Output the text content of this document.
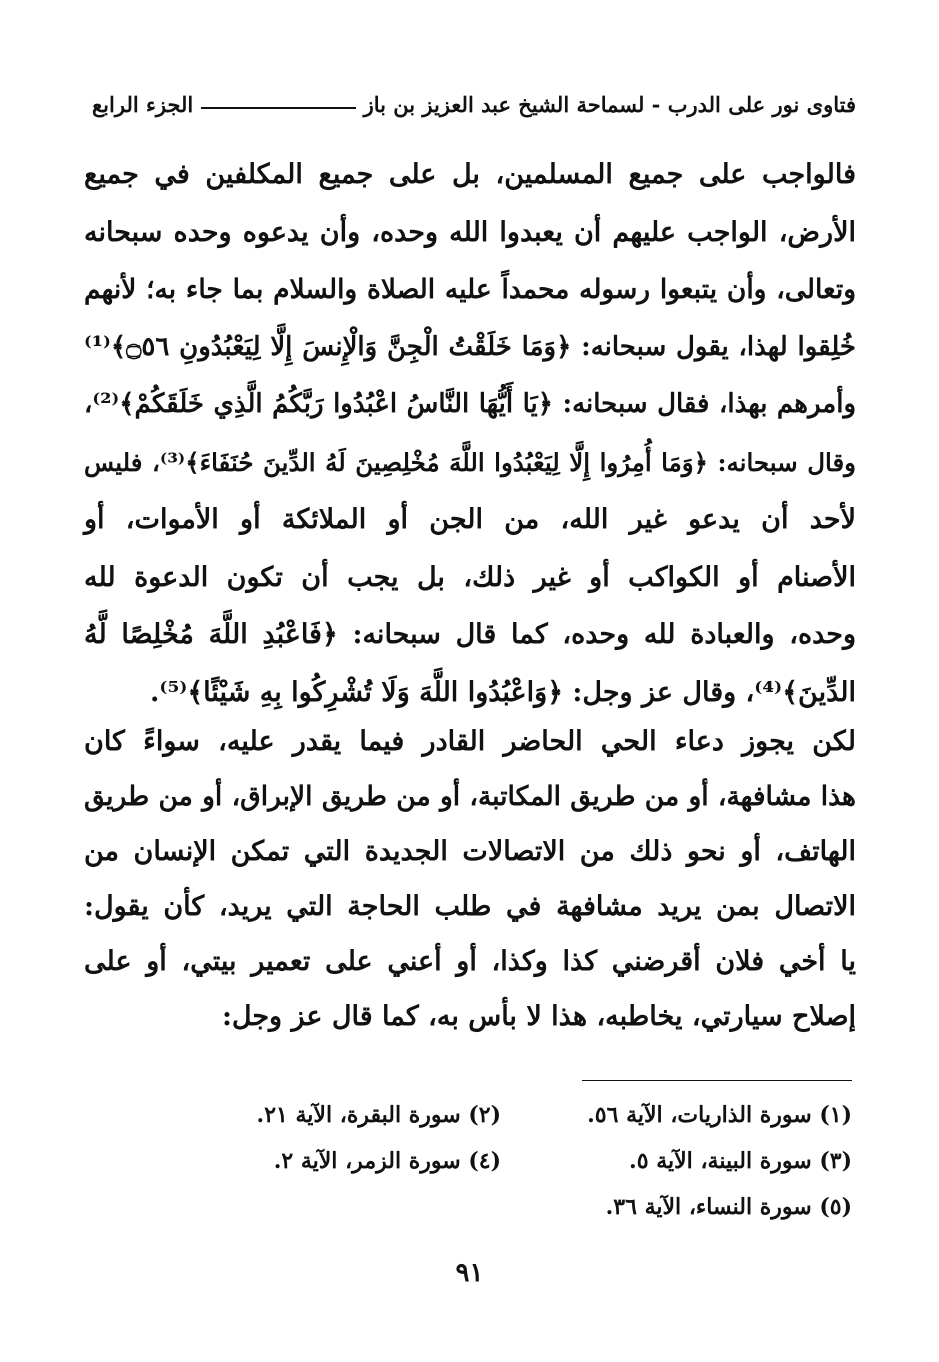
فتاوى نور على الدرب - لسماحة الشيخ عبد العزيز بن باز
الجزء الرابع
فالواجب على جميع المسلمين، بل على جميع المكلفين في جميع
الأرض، الواجب عليهم أن يعبدوا الله وحده، وأن يدعوه وحده سبحانه
وتعالى، وأن يتبعوا رسوله محمداً عليه الصلاة والسلام بما جاء به؛ لأنهم
خُلِقوا لهذا، يقول سبحانه: ﴿وَمَا خَلَقْتُ الْجِنَّ وَالْإِنسَ إِلَّا لِيَعْبُدُونِ ۝٥٦﴾⁽¹⁾
وأمرهم بهذا، فقال سبحانه: ﴿يَا أَيُّهَا النَّاسُ اعْبُدُوا رَبَّكُمُ الَّذِي خَلَقَكُمْ﴾⁽²⁾،
وقال سبحانه: ﴿وَمَا أُمِرُوا إِلَّا لِيَعْبُدُوا اللَّهَ مُخْلِصِينَ لَهُ الدِّينَ حُنَفَاءَ﴾⁽³⁾، فليس
لأحد أن يدعو غير الله، من الجن أو الملائكة أو الأموات، أو
الأصنام أو الكواكب أو غير ذلك، بل يجب أن تكون الدعوة لله
وحده، والعبادة لله وحده، كما قال سبحانه: ﴿فَاعْبُدِ اللَّهَ مُخْلِصًا لَّهُ
الدِّينَ﴾⁽⁴⁾، وقال عز وجل: ﴿وَاعْبُدُوا اللَّهَ وَلَا تُشْرِكُوا بِهِ شَيْئًا﴾⁽⁵⁾.
لكن يجوز دعاء الحي الحاضر القادر فيما يقدر عليه، سواءً كان
هذا مشافهة، أو من طريق المكاتبة، أو من طريق الإبراق، أو من طريق
الهاتف، أو نحو ذلك من الاتصالات الجديدة التي تمكن الإنسان من
الاتصال بمن يريد مشافهة في طلب الحاجة التي يريد، كأن يقول:
يا أخي فلان أقرضني كذا وكذا، أو أعني على تعمير بيتي، أو على
إصلاح سيارتي، يخاطبه، هذا لا بأس به، كما قال عز وجل:
(١) سورة الذاريات، الآية ٥٦.
(٢) سورة البقرة، الآية ٢١.
(٣) سورة البينة، الآية ٥.
(٤) سورة الزمر، الآية ٢.
(٥) سورة النساء، الآية ٣٦.
٩١
